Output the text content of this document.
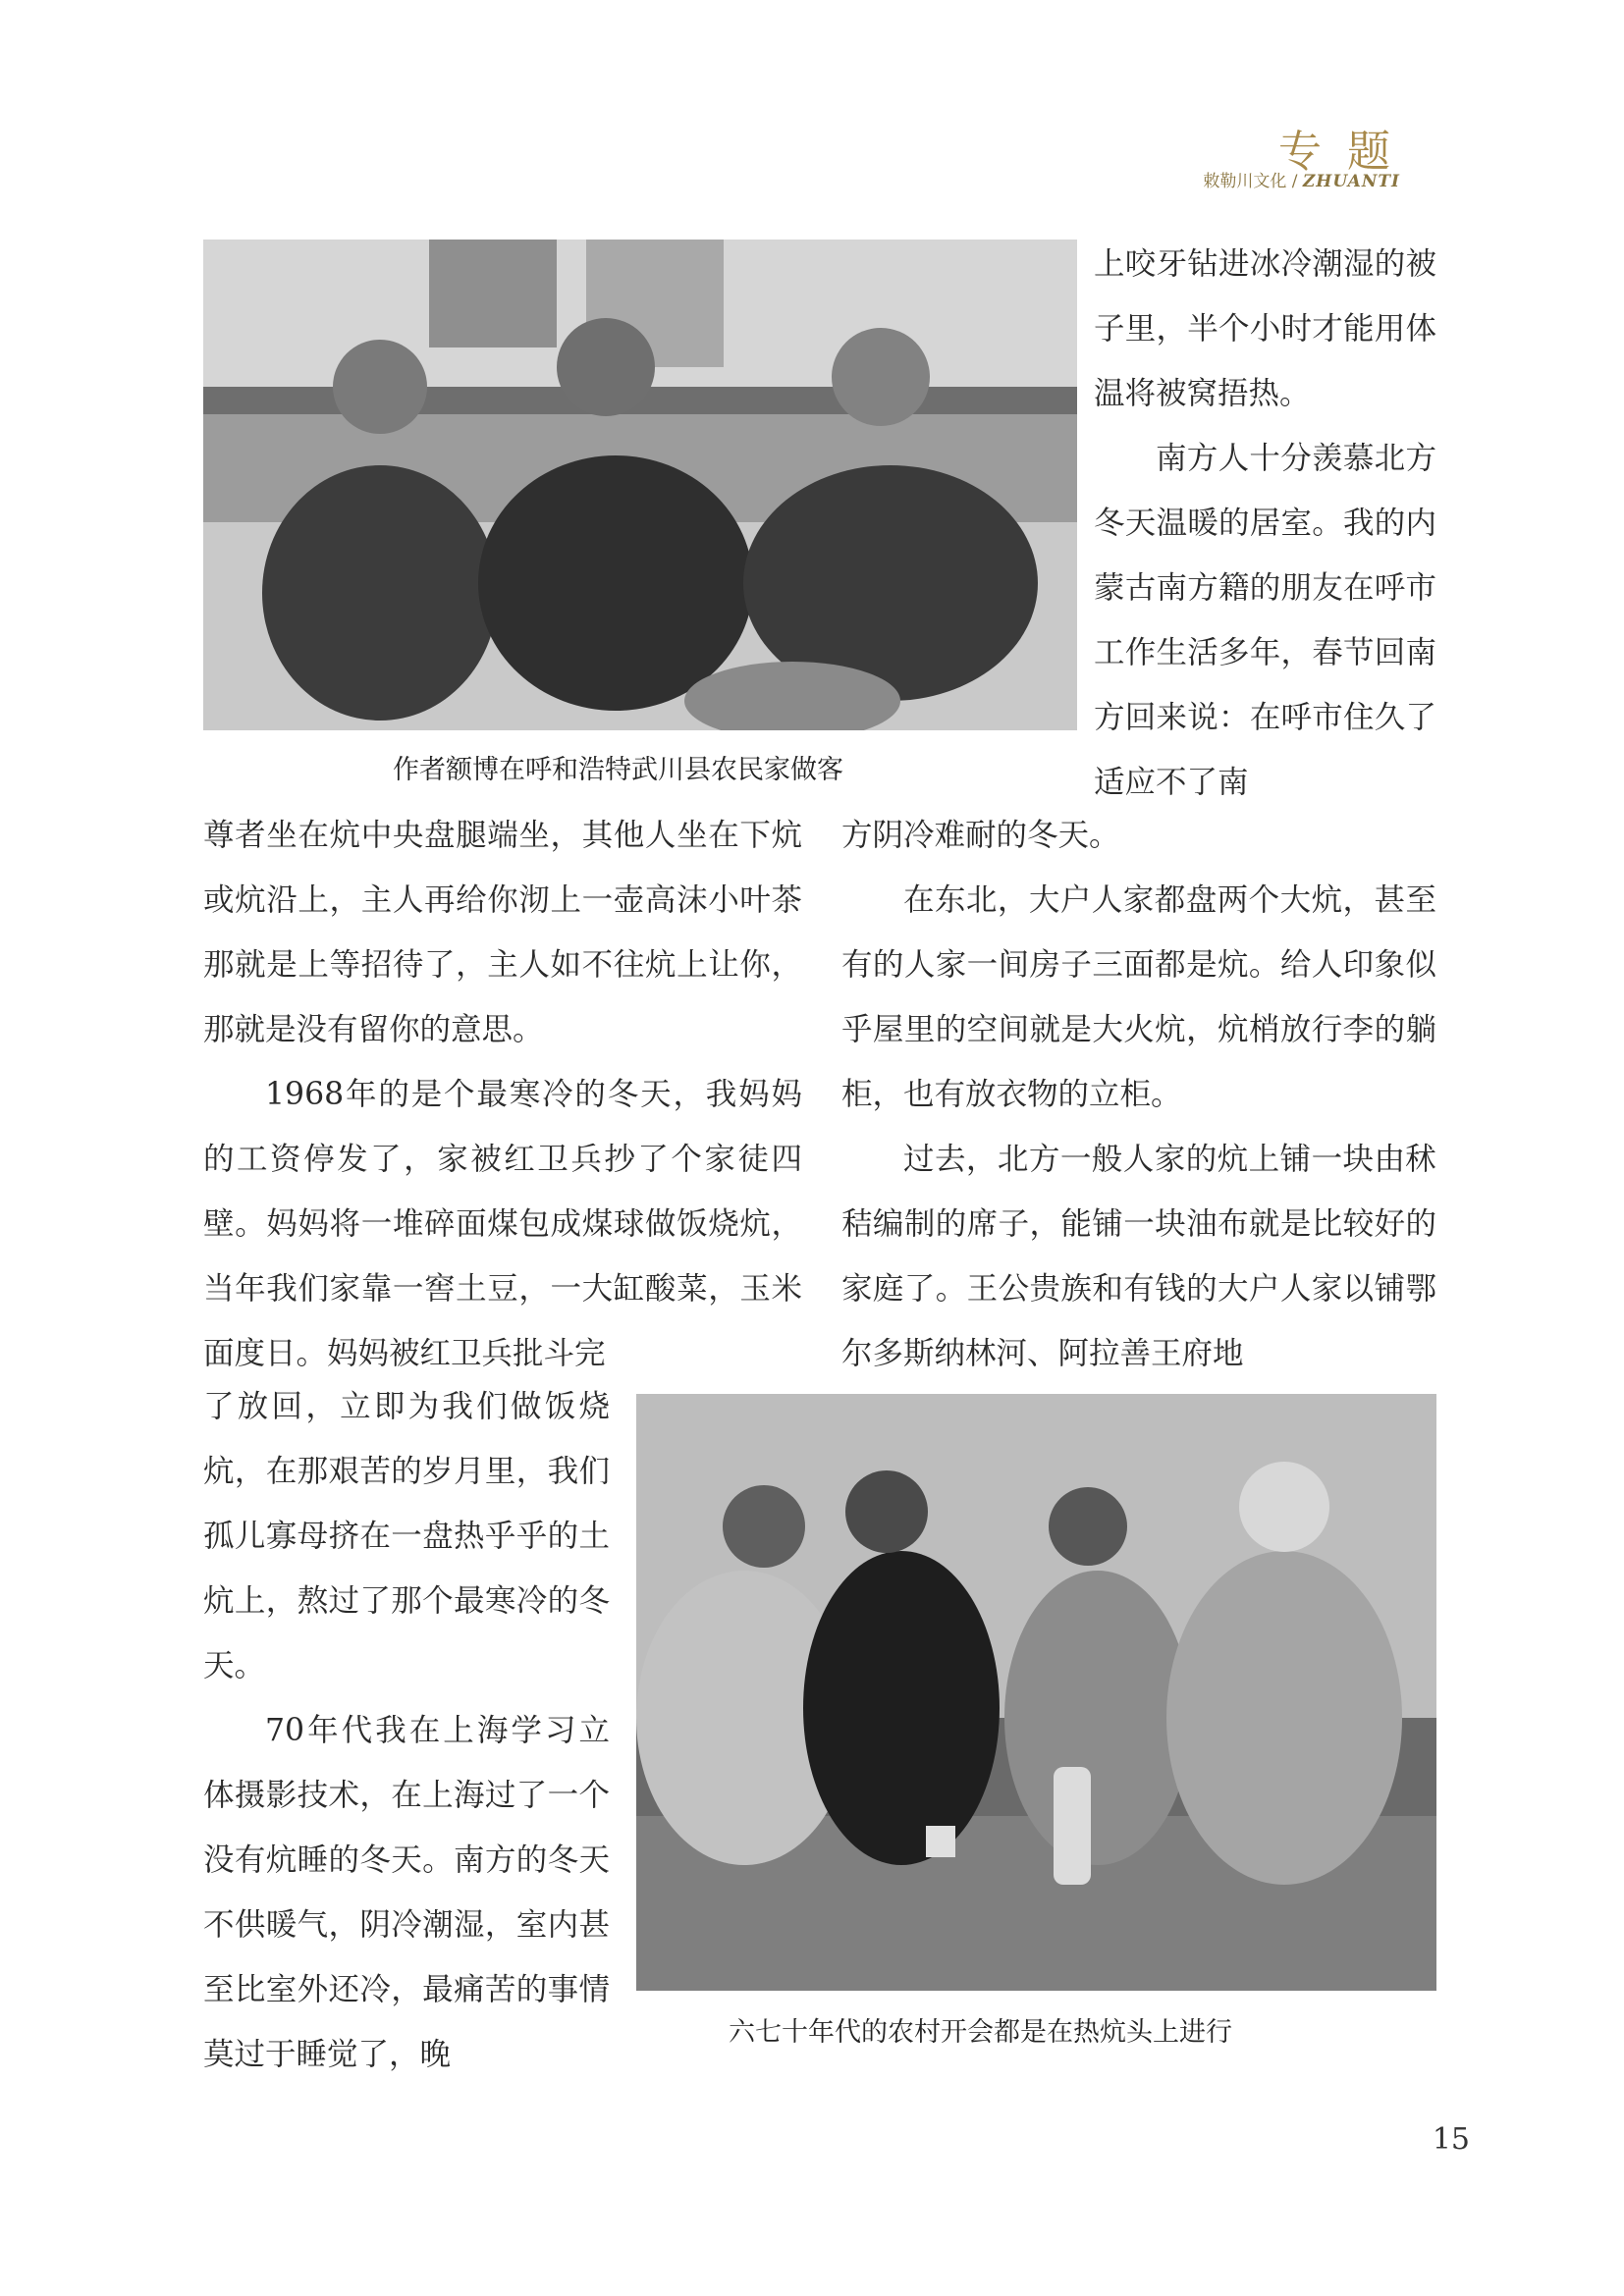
专题
敕勒川文化 / ZHUANTI
作者额博在呼和浩特武川县农民家做客

上咬牙钻进冰冷潮湿的被子里，半个小时才能用体温将被窝捂热。

南方人十分羡慕北方冬天温暖的居室。我的内蒙古南方籍的朋友在呼市工作生活多年，春节回南方回来说：在呼市住久了适应不了南

尊者坐在炕中央盘腿端坐，其他人坐在下炕或炕沿上，主人再给你沏上一壶高沫小叶茶那就是上等招待了，主人如不往炕上让你，那就是没有留你的意思。

1968年的是个最寒冷的冬天，我妈妈的工资停发了，家被红卫兵抄了个家徒四壁。妈妈将一堆碎面煤包成煤球做饭烧炕，当年我们家靠一窖土豆，一大缸酸菜，玉米面度日。妈妈被红卫兵批斗完

方阴冷难耐的冬天。

在东北，大户人家都盘两个大炕，甚至有的人家一间房子三面都是炕。给人印象似乎屋里的空间就是大火炕，炕梢放行李的躺柜，也有放衣物的立柜。

过去，北方一般人家的炕上铺一块由秫秸编制的席子，能铺一块油布就是比较好的家庭了。王公贵族和有钱的大户人家以铺鄂尔多斯纳林河、阿拉善王府地

了放回，立即为我们做饭烧炕，在那艰苦的岁月里，我们孤儿寡母挤在一盘热乎乎的土炕上，熬过了那个最寒冷的冬天。

70年代我在上海学习立体摄影技术，在上海过了一个没有炕睡的冬天。南方的冬天不供暖气，阴冷潮湿，室内甚至比室外还冷，最痛苦的事情莫过于睡觉了，晚

六七十年代的农村开会都是在热炕头上进行
15
